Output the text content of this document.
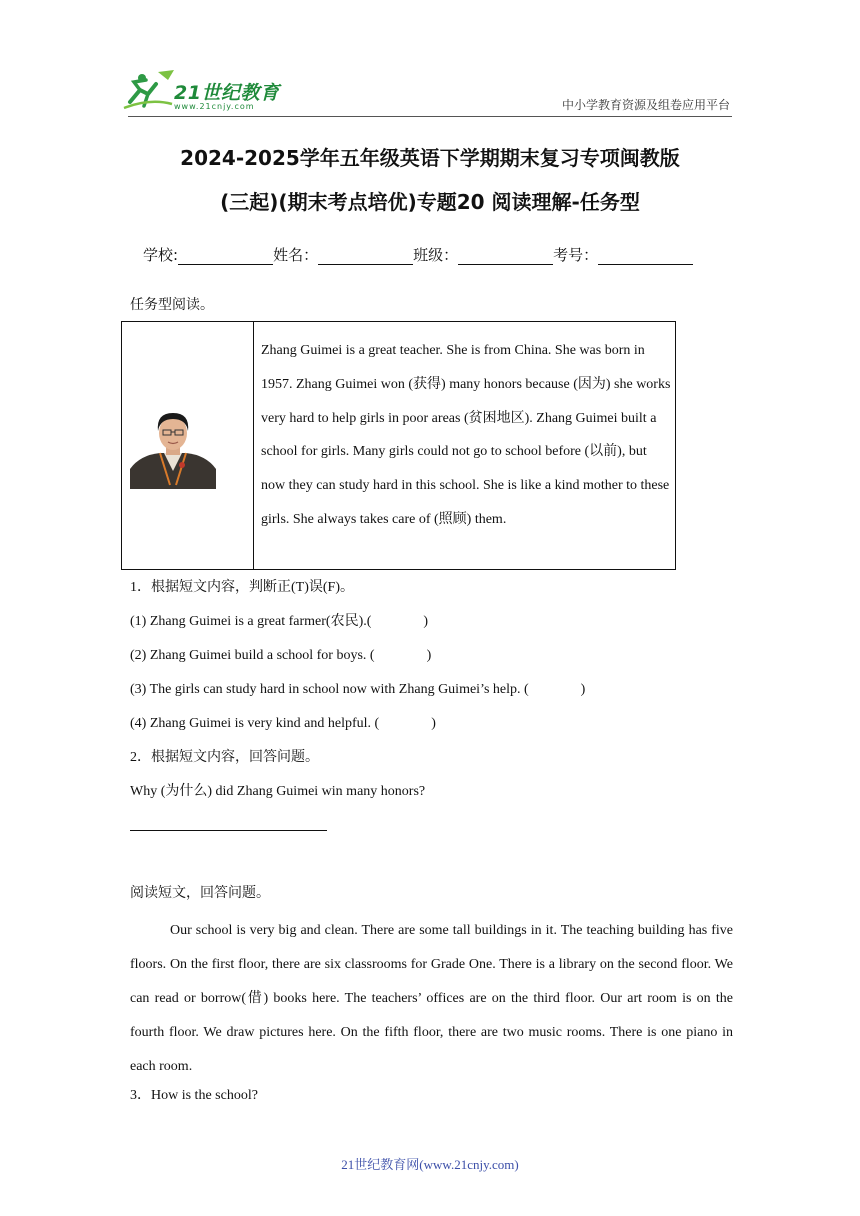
21世纪教育
www.21cnjy.com	中小学教育资源及组卷应用平台
2024-2025学年五年级英语下学期期末复习专项闽教版
(三起)(期末考点培优)专题20 阅读理解-任务型
学校:	姓名：	班级：	考号：
任务型阅读。
Zhang Guimei is a great teacher. She is from China. She was born in 1957. Zhang Guimei won (获得) many honors because (因为) she works very hard to help girls in poor areas (贫困地区). Zhang Guimei built a school for girls. Many girls could not go to school before (以前), but now they can study hard in this school. She is like a kind mother to these girls. She always takes care of (照顾) them.
1．根据短文内容，判断正(T)误(F)。
(1) Zhang Guimei is a great farmer(农民).(	)
(2) Zhang Guimei build a school for boys. (	)
(3) The girls can study hard in school now with Zhang Guimei’s help. (	)
(4) Zhang Guimei is very kind and helpful. (	)
2．根据短文内容，回答问题。
Why (为什么) did Zhang Guimei win many honors?
阅读短文，回答问题。
Our school is very big and clean. There are some tall buildings in it. The teaching building has five floors. On the first floor, there are six classrooms for Grade One. There is a library on the second floor. We can read or borrow(借) books here. The teachers’ offices are on the third floor. Our art room is on the fourth floor. We draw pictures here. On the fifth floor, there are two music rooms. There is one piano in each room.
3．How is the school?
21世纪教育网(www.21cnjy.com)
